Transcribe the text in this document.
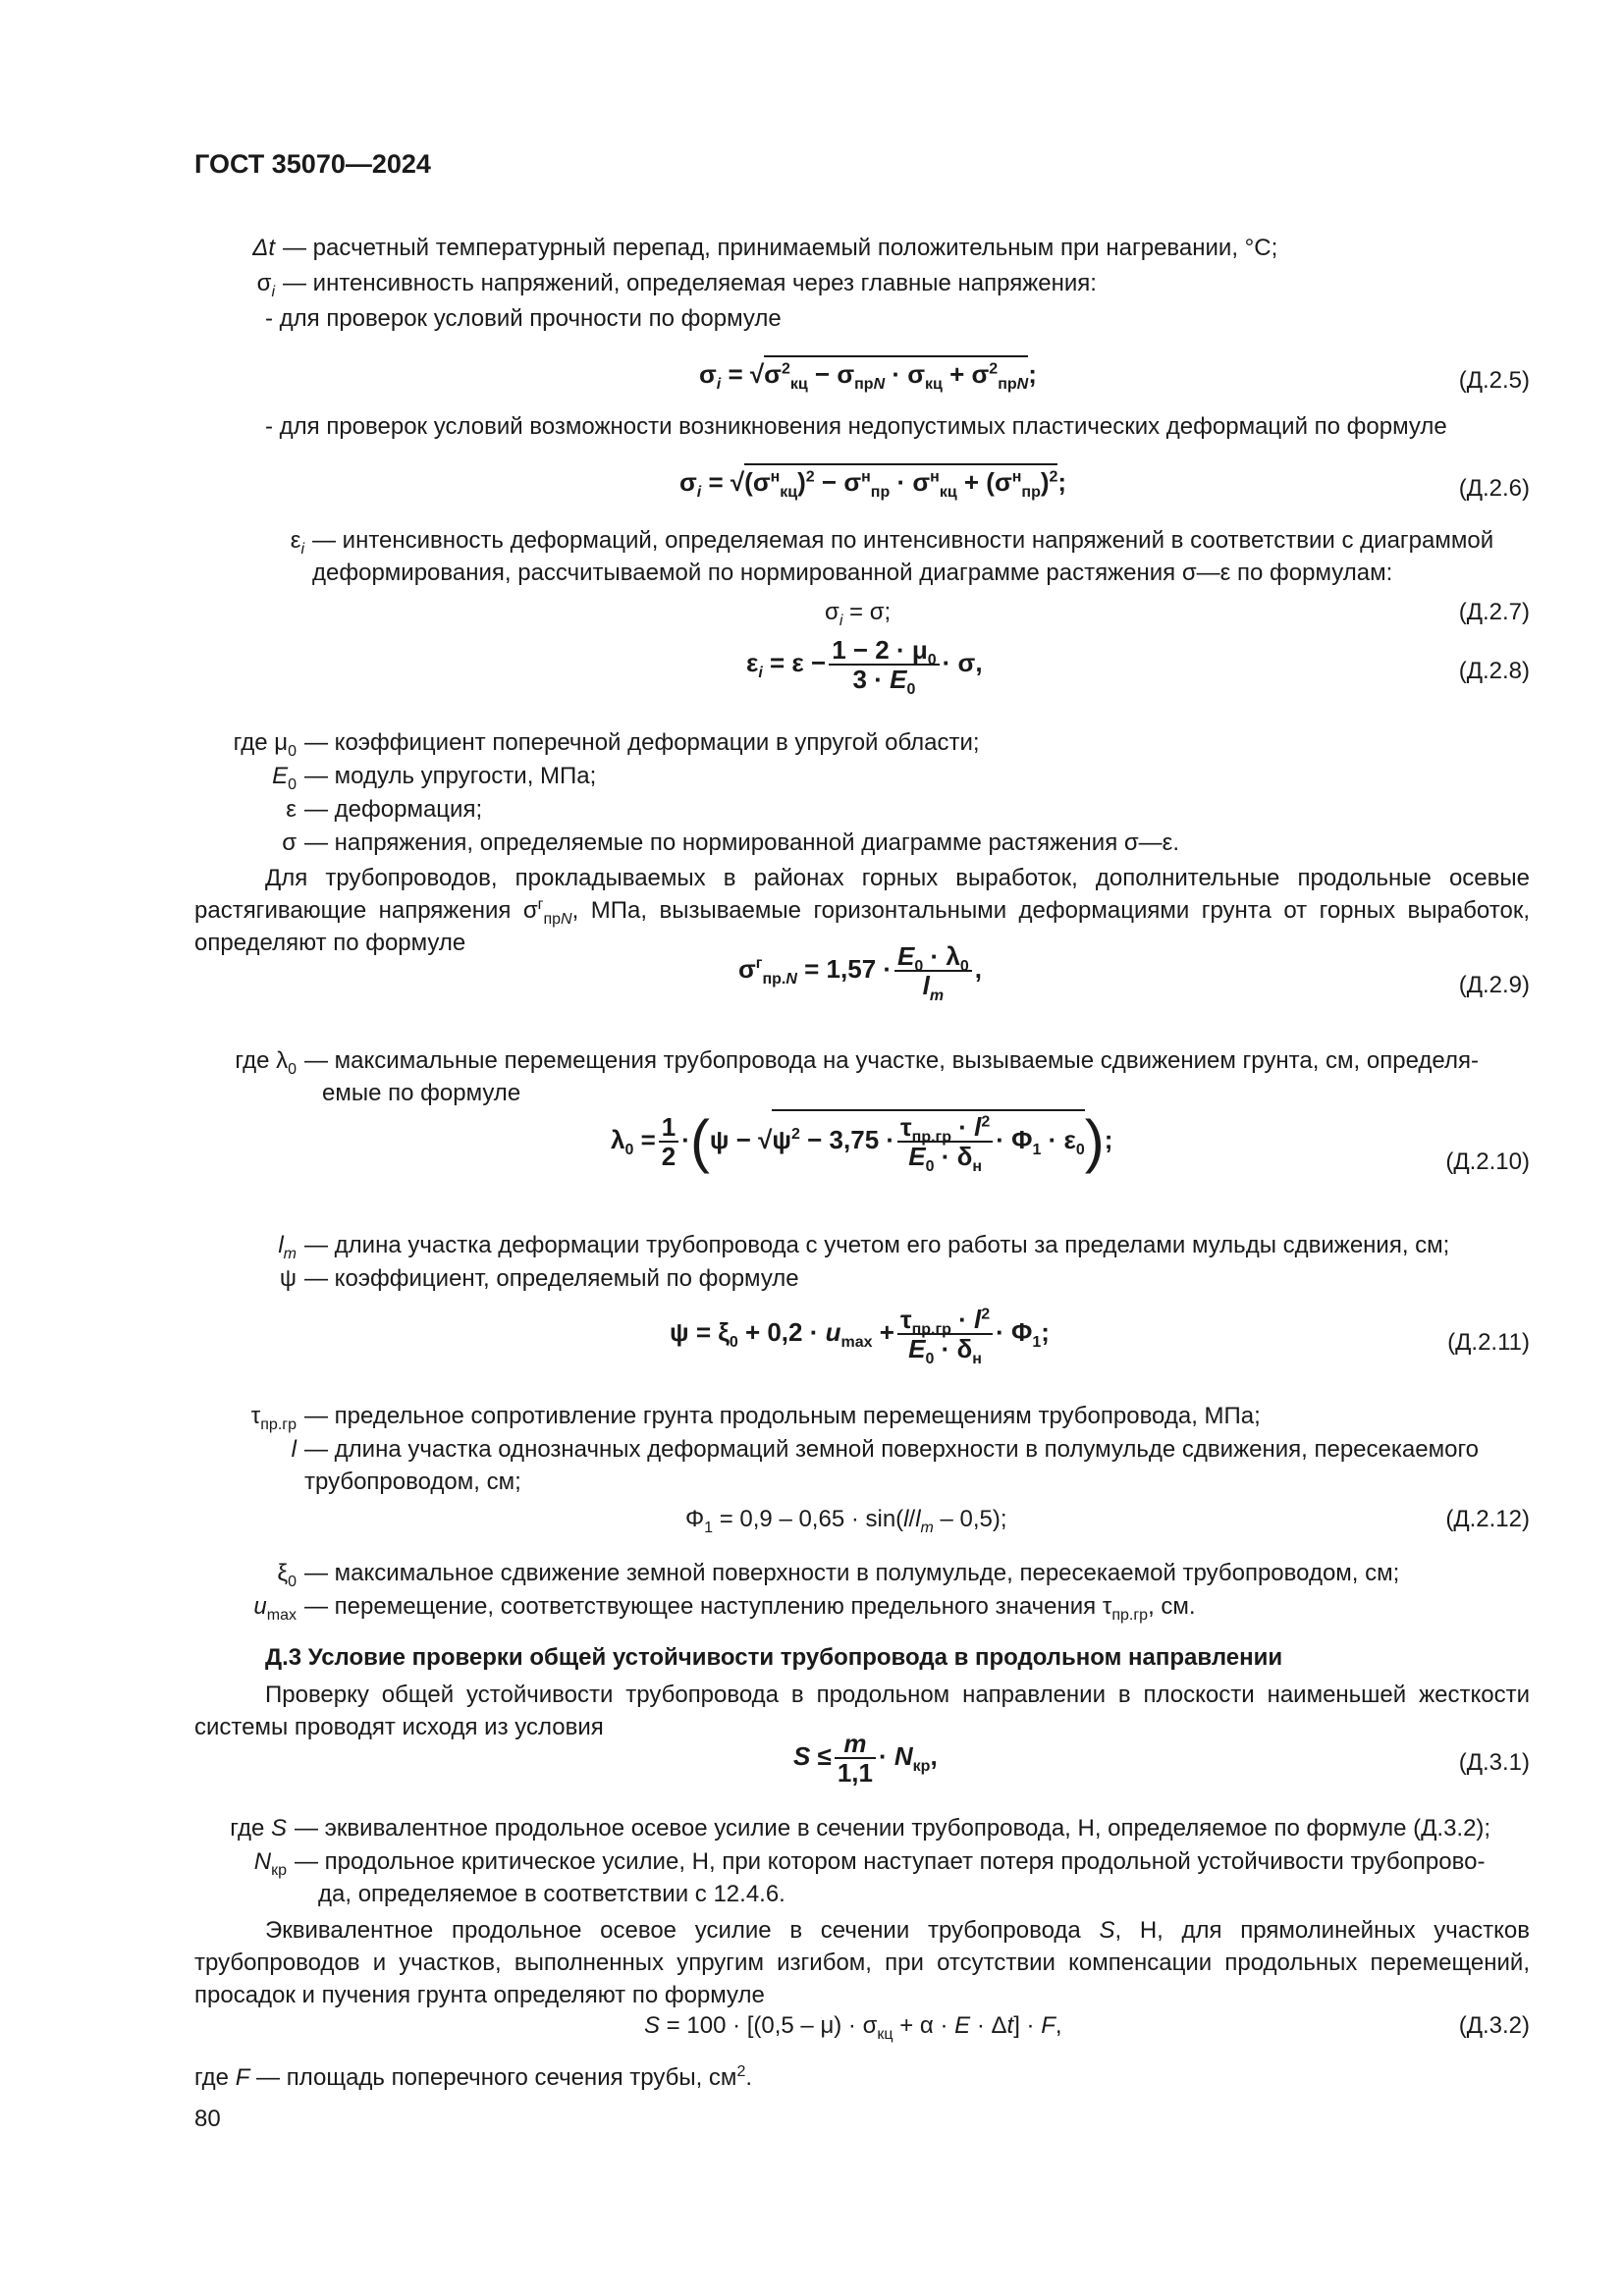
ГОСТ 35070—2024
Δt — расчетный температурный перепад, принимаемый положительным при нагревании, °С;
$\sigma_i$ — интенсивность напряжений, определяемая через главные напряжения:
- для проверок условий прочности по формуле
$\sigma_i = √\sigma^2_{кц} - \sigma_{прN} \cdot \sigma_{кц} + \sigma^2_{прN}$;	(Д.2.5)
- для проверок условий возможности возникновения недопустимых пластических деформаций по формуле
$\sigma_i = √(\sigma^н_{кц})^2 - \sigma^н_{пр} \cdot \sigma^н_{кц} + (\sigma^н_{пр})^2$;	(Д.2.6)
$\varepsilon_i$ — интенсивность деформаций, определяемая по интенсивности напряжений в соответствии с диаграммой
деформирования, рассчитываемой по нормированной диаграмме растяжения σ—ε по формулам:
$\sigma_i = \sigma$;	(Д.2.7)
$\varepsilon_i = \varepsilon - \frac{1 - 2 \cdot \mu_0}{3 \cdot E_0} \cdot \sigma$,	(Д.2.8)
где $\mu_0$ — коэффициент поперечной деформации в упругой области;
$E_0$ — модуль упругости, МПа;
ε — деформация;
σ — напряжения, определяемые по нормированной диаграмме растяжения σ—ε.
Для трубопроводов, прокладываемых в районах горных выработок, дополнительные продольные осевые растягивающие напряжения $\sigma^г_{прN}$, МПа, вызываемые горизонтальными деформациями грунта от горных выработок, определяют по формуле
$\sigma^г_{пр.N} = 1,57 \cdot \frac{E_0 \cdot \lambda_0}{l_m}$ ,
(Д.2.9)
где $\lambda_0$ — максимальные перемещения трубопровода на участке, вызываемые сдвижением грунта, см, определя-
емые по формуле
$\lambda_0 = \frac{1}{2} \cdot(\psi - √\psi^2 - 3,75 \cdot \frac{\tau_{пр.гр} \cdot l^2}{E_0 \cdot \delta_н} \cdot \Phi_1 \cdot \varepsilon_0)$;
(Д.2.10)
$l_m$ — длина участка деформации трубопровода с учетом его работы за пределами мульды сдвижения, см;
ψ — коэффициент, определяемый по формуле
$\psi = \xi_0 + 0,2 \cdot u_{max} + \frac{\tau_{пр.гр} \cdot l^2}{E_0 \cdot \delta_н} \cdot \Phi_1$;	(Д.2.11)
$\tau_{пр.гр}$ — предельное сопротивление грунта продольным перемещениям трубопровода, МПа;
l — длина участка однозначных деформаций земной поверхности в полумульде сдвижения, пересекаемого
трубопроводом, см;
$\Phi_1 = 0,9 - 0,65 \cdot \sin(l/l_m - 0,5)$;	(Д.2.12)
$\xi_0$ — максимальное сдвижение земной поверхности в полумульде, пересекаемой трубопроводом, см;
$u_{max}$ — перемещение, соответствующее наступлению предельного значения $\tau_{пр.гр}$, см.
Д.3 Условие проверки общей устойчивости трубопровода в продольном направлении
Проверку общей устойчивости трубопровода в продольном направлении в плоскости наименьшей жесткости системы проводят исходя из условия
$S \le \frac{m}{1,1} \cdot N_{кр}$,	(Д.3.1)
где S — эквивалентное продольное осевое усилие в сечении трубопровода, Н, определяемое по формуле (Д.3.2);
$N_{кр}$ — продольное критическое усилие, Н, при котором наступает потеря продольной устойчивости трубопрово-
да, определяемое в соответствии с 12.4.6.
Эквивалентное продольное осевое усилие в сечении трубопровода S, Н, для прямолинейных участков трубопроводов и участков, выполненных упругим изгибом, при отсутствии компенсации продольных перемещений, просадок и пучения грунта определяют по формуле
$S = 100 \cdot [(0,5 - \mu) \cdot \sigma_{кц} + \alpha \cdot E \cdot \Delta t] \cdot F$,	(Д.3.2)
где F — площадь поперечного сечения трубы, $см^2$.
80
